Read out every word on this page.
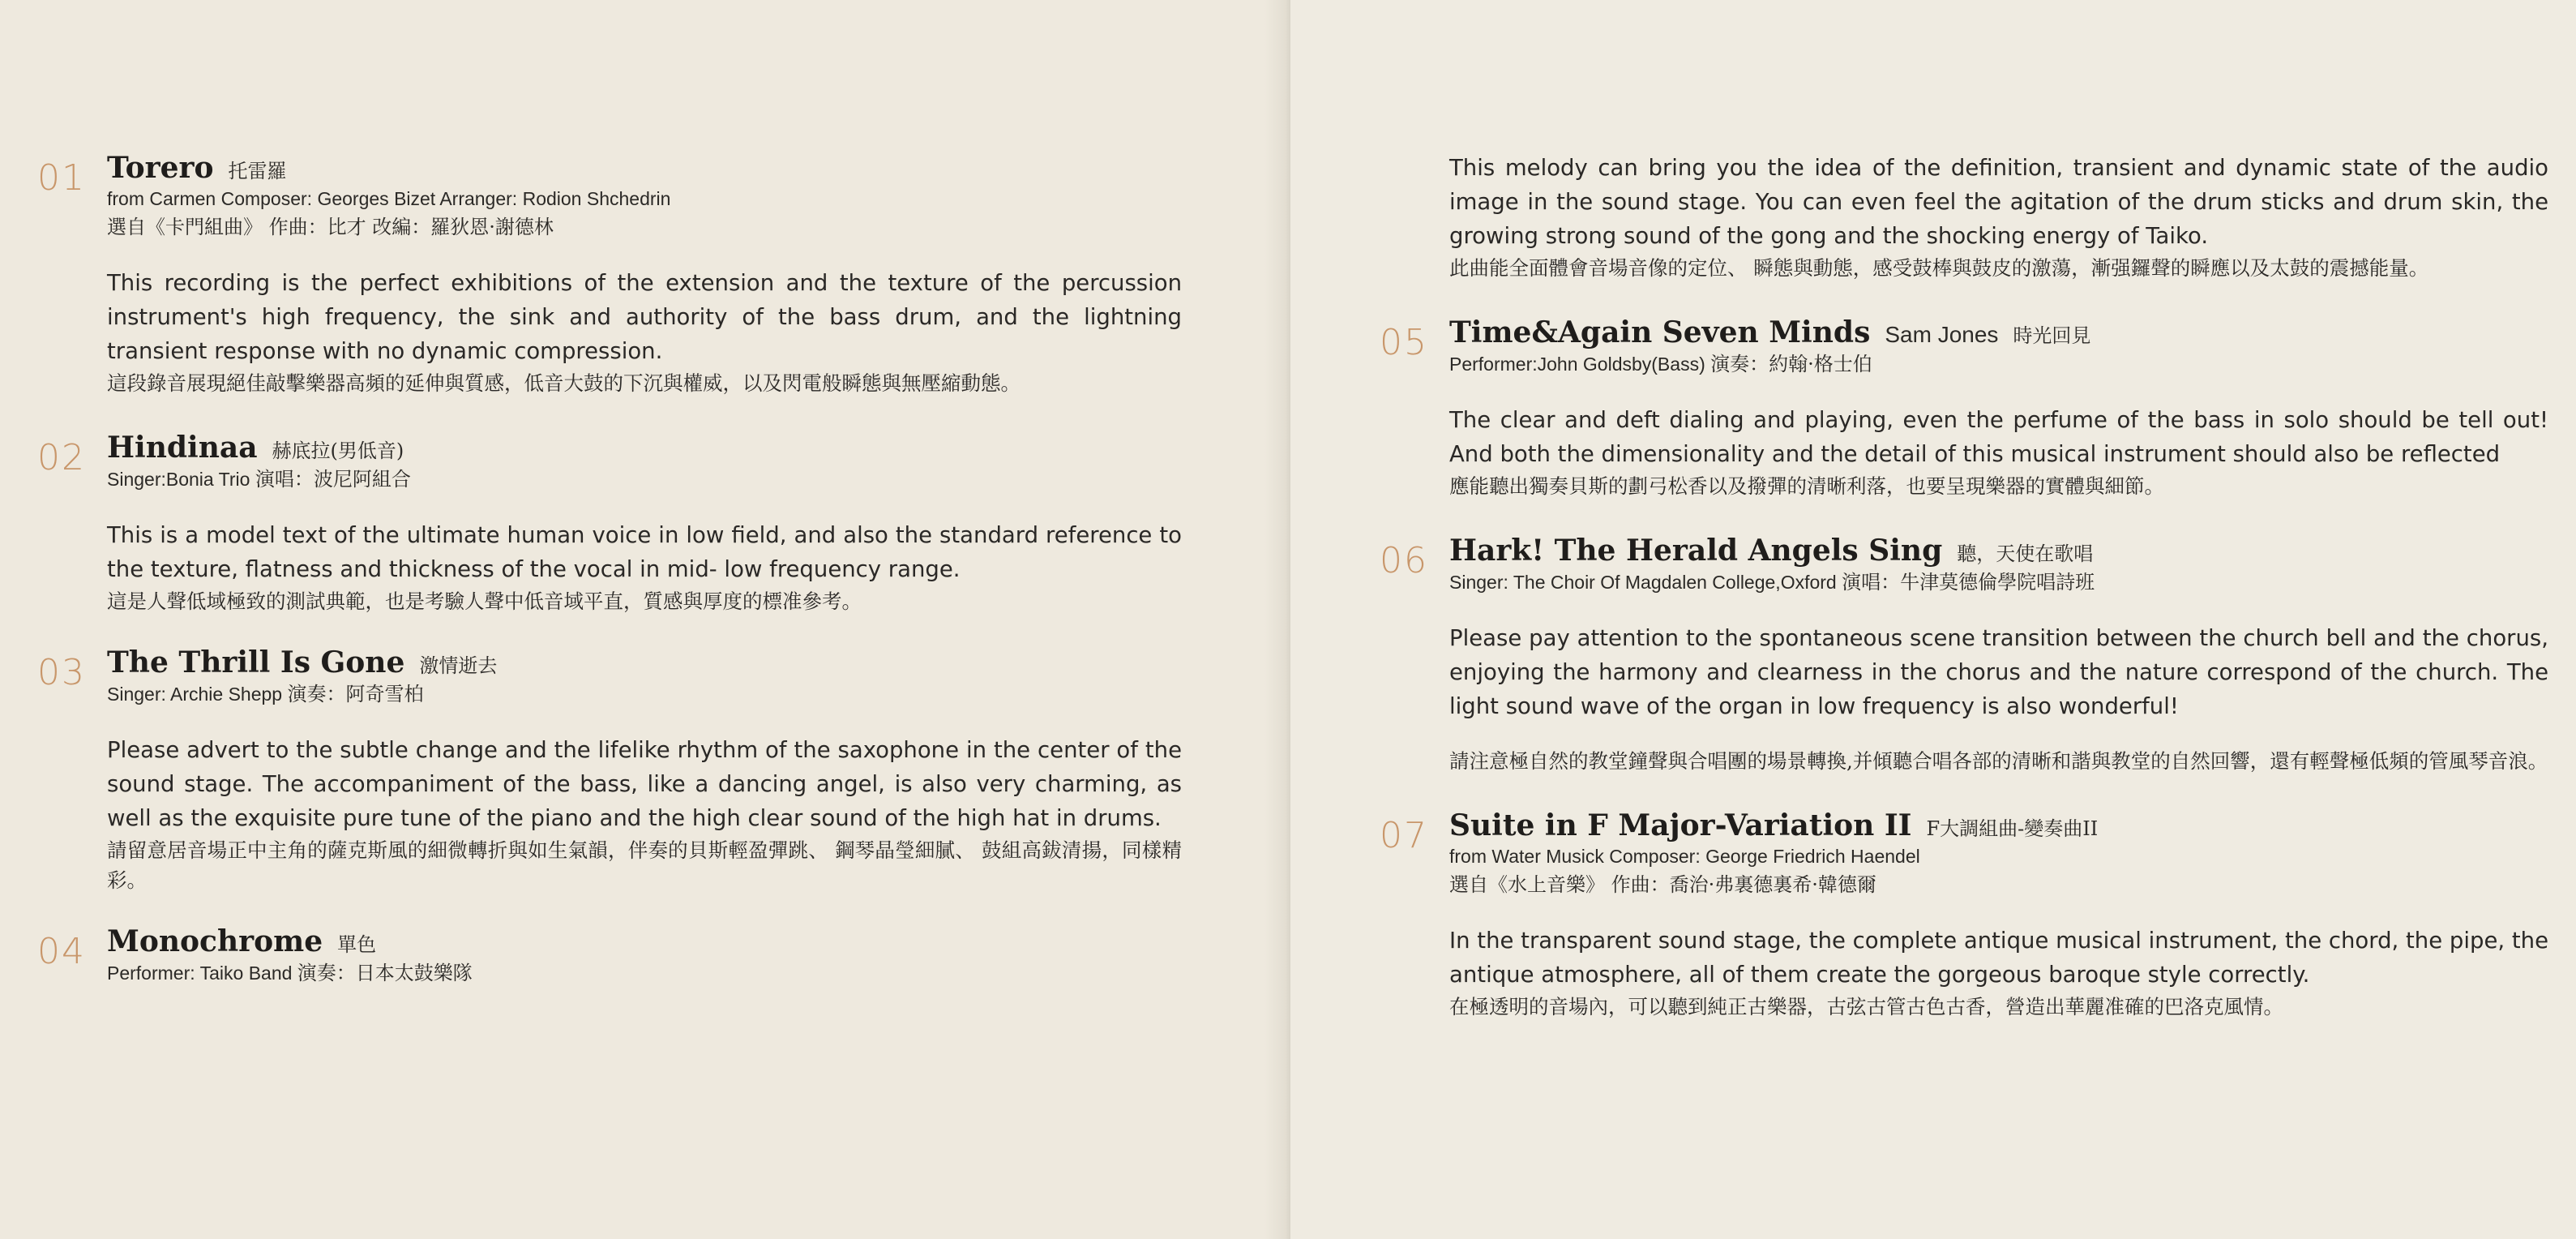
01 Torero 托雷羅
from Carmen Composer: Georges Bizet Arranger: Rodion Shchedrin
選自《卡門組曲》 作曲：比才 改編：羅狄恩·謝德林
This recording is the perfect exhibitions of the extension and the texture of the percussion instrument's high frequency, the sink and authority of the bass drum, and the lightning transient response with no dynamic compression.
這段錄音展現絕佳敲擊樂器高頻的延伸與質感，低音大鼓的下沉與權威，以及閃電般瞬態與無壓縮動態。
02 Hindinaa 赫底拉(男低音)
Singer:Bonia Trio 演唱：波尼阿組合
This is a model text of the ultimate human voice in low field, and also the standard reference to the texture, flatness and thickness of the vocal in mid- low frequency range.
這是人聲低域極致的測試典範，也是考驗人聲中低音域平直，質感與厚度的標准參考。
03 The Thrill Is Gone 激情逝去
Singer: Archie Shepp 演奏：阿奇雪柏
Please advert to the subtle change and the lifelike rhythm of the saxophone in the center of the sound stage. The accompaniment of the bass, like a dancing angel, is also very charming, as well as the exquisite pure tune of the piano and the high clear sound of the high hat in drums.
請留意居音場正中主角的薩克斯風的細微轉折與如生氣韻，伴奏的貝斯輕盈彈跳、 鋼琴晶瑩細膩、 鼓組高鈸清揚，同樣精彩。
04 Monochrome 單色
Performer: Taiko Band 演奏：日本太鼓樂隊
This melody can bring you the idea of the definition, transient and dynamic state of the audio image in the sound stage. You can even feel the agitation of the drum sticks and drum skin, the growing strong sound of the gong and the shocking energy of Taiko.
此曲能全面體會音場音像的定位、 瞬態與動態，感受鼓棒與鼓皮的激蕩，漸强鑼聲的瞬應以及太鼓的震撼能量。
05 Time&Again Seven Minds Sam Jones 時光回見
Performer:John Goldsby(Bass) 演奏：約翰·格士伯
The clear and deft dialing and playing, even the perfume of the bass in solo should be tell out! And both the dimensionality and the detail of this musical instrument should also be reflected
應能聽出獨奏貝斯的劃弓松香以及撥彈的清晰利落，也要呈現樂器的實體與細節。
06 Hark! The Herald Angels Sing 聽，天使在歌唱
Singer: The Choir Of Magdalen College,Oxford 演唱：牛津莫德倫學院唱詩班
Please pay attention to the spontaneous scene transition between the church bell and the chorus, enjoying the harmony and clearness in the chorus and the nature correspond of the church. The light sound wave of the organ in low frequency is also wonderful!
請注意極自然的教堂鐘聲與合唱團的場景轉換,并傾聽合唱各部的清晰和諧與教堂的自然回響，還有輕聲極低頻的管風琴音浪。
07 Suite in F Major-Variation II F大調組曲-變奏曲II
from Water Musick Composer: George Friedrich Haendel
選自《水上音樂》 作曲：喬治·弗裏德裏希·韓德爾
In the transparent sound stage, the complete antique musical instrument, the chord, the pipe, the antique atmosphere, all of them create the gorgeous baroque style correctly.
在極透明的音場內，可以聽到純正古樂器，古弦古管古色古香，營造出華麗准確的巴洛克風情。
